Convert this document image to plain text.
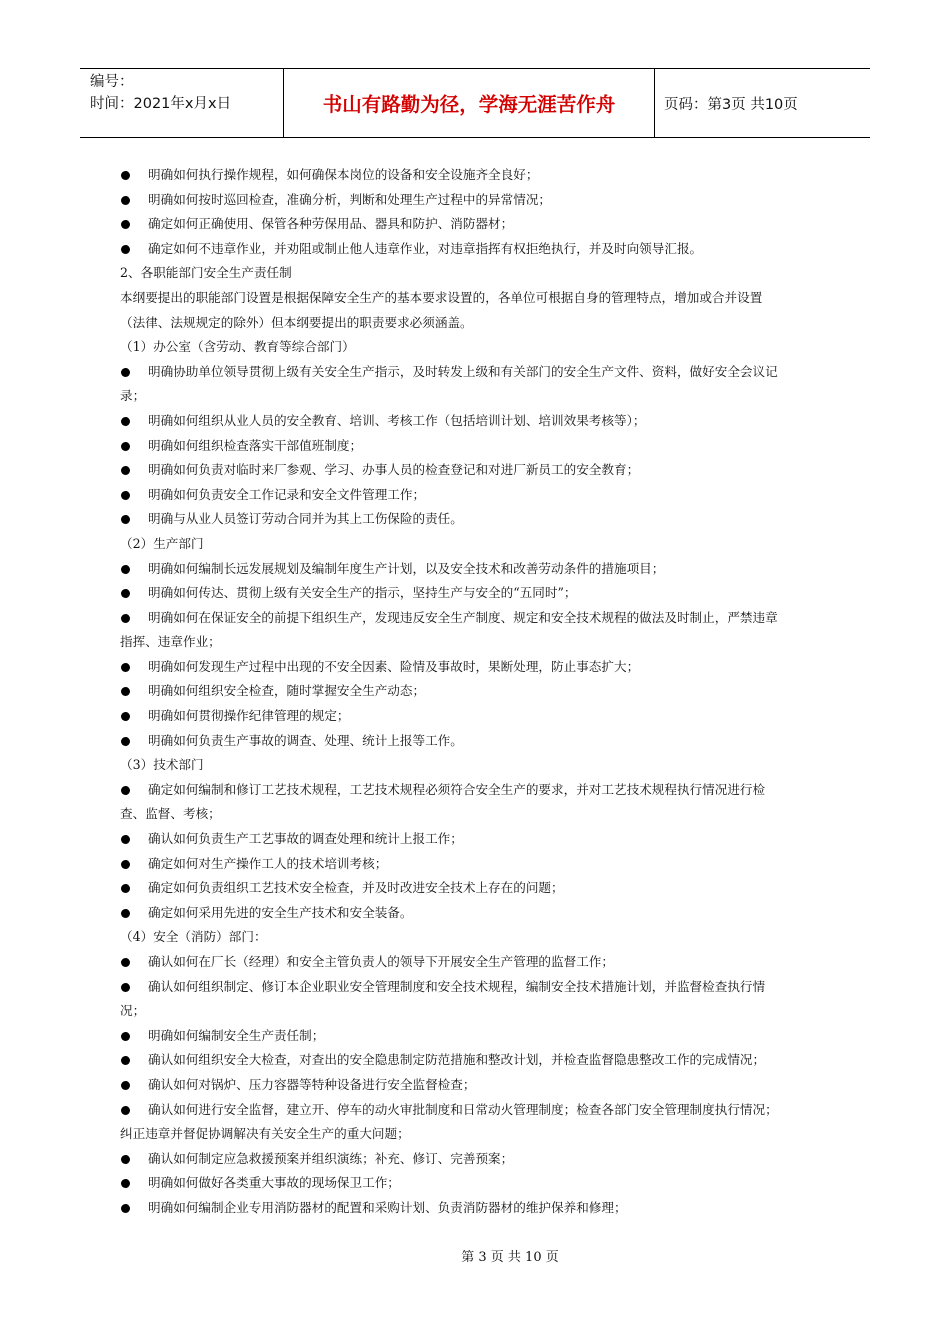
编号：
时间：2021年x月x日	书山有路勤为径，学海无涯苦作舟	页码：第3页 共10页
明确如何执行操作规程，如何确保本岗位的设备和安全设施齐全良好；
明确如何按时巡回检查，准确分析，判断和处理生产过程中的异常情况；
确定如何正确使用、保管各种劳保用品、器具和防护、消防器材；
确定如何不违章作业，并劝阻或制止他人违章作业，对违章指挥有权拒绝执行，并及时向领导汇报。
2、各职能部门安全生产责任制
本纲要提出的职能部门设置是根据保障安全生产的基本要求设置的，各单位可根据自身的管理特点，增加或合并设置
（法律、法规规定的除外）但本纲要提出的职责要求必须涵盖。
（1）办公室（含劳动、教育等综合部门）
明确协助单位领导贯彻上级有关安全生产指示，及时转发上级和有关部门的安全生产文件、资料，做好安全会议记
录；
明确如何组织从业人员的安全教育、培训、考核工作（包括培训计划、培训效果考核等）；
明确如何组织检查落实干部值班制度；
明确如何负责对临时来厂参观、学习、办事人员的检查登记和对进厂新员工的安全教育；
明确如何负责安全工作记录和安全文件管理工作；
明确与从业人员签订劳动合同并为其上工伤保险的责任。
（2）生产部门
明确如何编制长远发展规划及编制年度生产计划，以及安全技术和改善劳动条件的措施项目；
明确如何传达、贯彻上级有关安全生产的指示，坚持生产与安全的“五同时”；
明确如何在保证安全的前提下组织生产，发现违反安全生产制度、规定和安全技术规程的做法及时制止，严禁违章
指挥、违章作业；
明确如何发现生产过程中出现的不安全因素、险情及事故时，果断处理，防止事态扩大；
明确如何组织安全检查，随时掌握安全生产动态；
明确如何贯彻操作纪律管理的规定；
明确如何负责生产事故的调查、处理、统计上报等工作。
（3）技术部门
确定如何编制和修订工艺技术规程，工艺技术规程必须符合安全生产的要求，并对工艺技术规程执行情况进行检
查、监督、考核；
确认如何负责生产工艺事故的调查处理和统计上报工作；
确定如何对生产操作工人的技术培训考核；
确定如何负责组织工艺技术安全检查，并及时改进安全技术上存在的问题；
确定如何采用先进的安全生产技术和安全装备。
（4）安全（消防）部门：
确认如何在厂长（经理）和安全主管负责人的领导下开展安全生产管理的监督工作；
确认如何组织制定、修订本企业职业安全管理制度和安全技术规程，编制安全技术措施计划，并监督检查执行情
况；
明确如何编制安全生产责任制；
确认如何组织安全大检查，对查出的安全隐患制定防范措施和整改计划，并检查监督隐患整改工作的完成情况；
确认如何对锅炉、压力容器等特种设备进行安全监督检查；
确认如何进行安全监督，建立开、停车的动火审批制度和日常动火管理制度；检查各部门安全管理制度执行情况；
纠正违章并督促协调解决有关安全生产的重大问题；
确认如何制定应急救援预案并组织演练；补充、修订、完善预案；
明确如何做好各类重大事故的现场保卫工作；
明确如何编制企业专用消防器材的配置和采购计划、负责消防器材的维护保养和修理；
第 3 页 共 10 页
